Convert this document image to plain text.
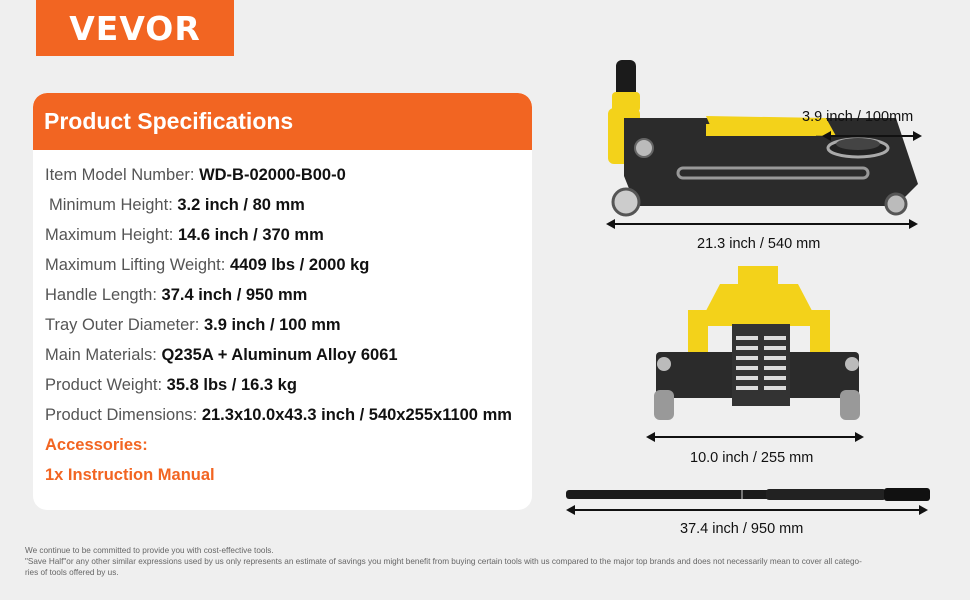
VEVOR
Product Specifications
Item Model Number: WD-B-02000-B00-0
Minimum Height: 3.2 inch / 80 mm
Maximum Height: 14.6 inch / 370 mm
Maximum Lifting Weight: 4409 lbs / 2000 kg
Handle Length: 37.4 inch / 950 mm
Tray Outer Diameter: 3.9 inch / 100 mm
Main Materials: Q235A + Aluminum Alloy 6061
Product Weight: 35.8 lbs / 16.3 kg
Product Dimensions: 21.3x10.0x43.3 inch / 540x255x1100 mm
Accessories:
1x Instruction Manual
3.9 inch / 100mm
21.3 inch / 540 mm
10.0 inch / 255 mm
37.4 inch / 950 mm
We continue to be committed to provide you with cost-effective tools.
"Save Half"or any other similar expressions used by us only represents an estimate of savings you might benefit from buying certain tools with us compared to the major top brands and does not necessarily mean to cover all catego-
ries of tools offered by us.
